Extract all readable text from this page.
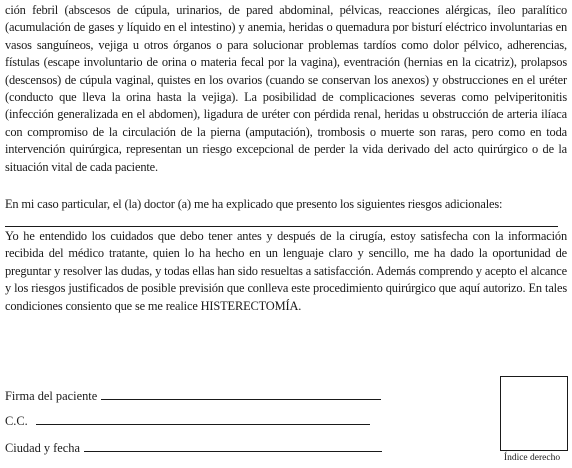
ción febril (abscesos de cúpula, urinarios, de pared abdominal, pélvicas, reacciones alérgicas, íleo paralítico (acumulación de gases y líquido en el intestino) y anemia, heridas o quemadura por bisturí eléctrico involuntarias en vasos sanguíneos, vejiga u otros órganos o para solucionar problemas tardíos como dolor pélvico, adherencias, fístulas (escape involuntario de orina o materia fecal por la vagina), eventración (hernias en la cicatriz), prolapsos (descensos) de cúpula vaginal, quistes en los ovarios (cuando se conservan los anexos) y obstrucciones en el uréter (conducto que lleva la orina hasta la vejiga). La posibilidad de complicaciones severas como pelviperitonitis (infección generalizada en el abdomen), ligadura de uréter con pérdida renal, heridas u obstrucción de arteria ilíaca con compromiso de la circulación de la pierna (amputación), trombosis o muerte son raras, pero como en toda intervención quirúrgica, representan un riesgo excepcional de perder la vida derivado del acto quirúrgico o de la situación vital de cada paciente.

En mi caso particular, el (la) doctor (a) me ha explicado que presento los siguientes riesgos adicionales:

Yo he entendido los cuidados que debo tener antes y después de la cirugía, estoy satisfecha con la información recibida del médico tratante, quien lo ha hecho en un lenguaje claro y sencillo, me ha dado la oportunidad de preguntar y resolver las dudas, y todas ellas han sido resueltas a satisfacción. Además comprendo y acepto el alcance y los riesgos justificados de posible previsión que conlleva este procedimiento quirúrgico que aquí autorizo. En tales condiciones consiento que se me realice HISTERECTOMÍA.

Firma del paciente
C.C.
Ciudad y fecha
Índice derecho
